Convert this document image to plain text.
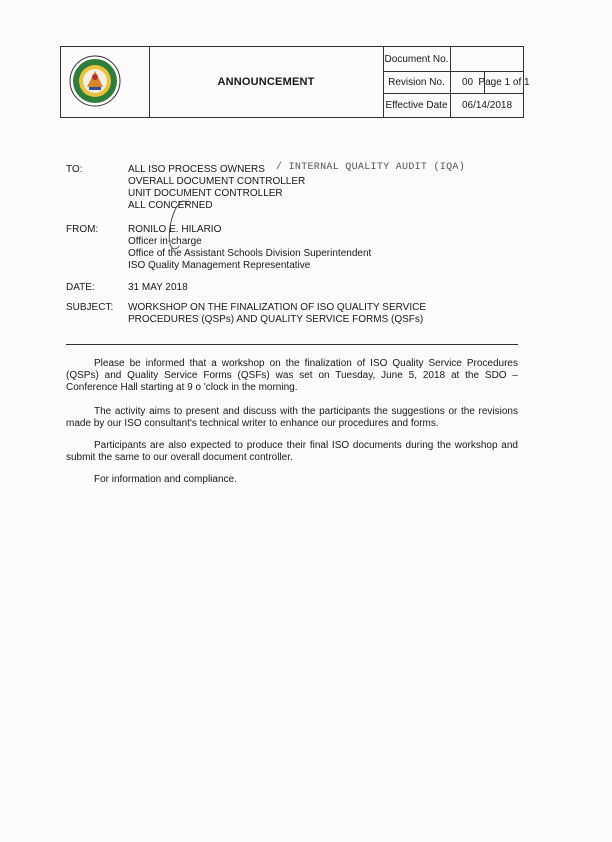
ANNOUNCEMENT
Document No.
Revision No.	00 Page 1 of 1
Effective Date	06/14/2018
TO:	ALL ISO PROCESS OWNERS
OVERALL DOCUMENT CONTROLLER
UNIT DOCUMENT CONTROLLER
ALL CONCERNED
/ INTERNAL QUALITY AUDIT (IQA)
FROM:	RONILO E. HILARIO
Officer in-charge
Office of the Assistant Schools Division Superintendent
ISO Quality Management Representative
DATE:	31 MAY 2018
SUBJECT: WORKSHOP ON THE FINALIZATION OF ISO QUALITY SERVICE
PROCEDURES (QSPs) AND QUALITY SERVICE FORMS (QSFs)
Please be informed that a workshop on the finalization of ISO Quality Service Procedures (QSPs) and Quality Service Forms (QSFs) was set on Tuesday, June 5, 2018 at the SDO – Conference Hall starting at 9 o 'clock in the morning.
The activity aims to present and discuss with the participants the suggestions or the revisions made by our ISO consultant's technical writer to enhance our procedures and forms.
Participants are also expected to produce their final ISO documents during the workshop and submit the same to our overall document controller.
For information and compliance.
